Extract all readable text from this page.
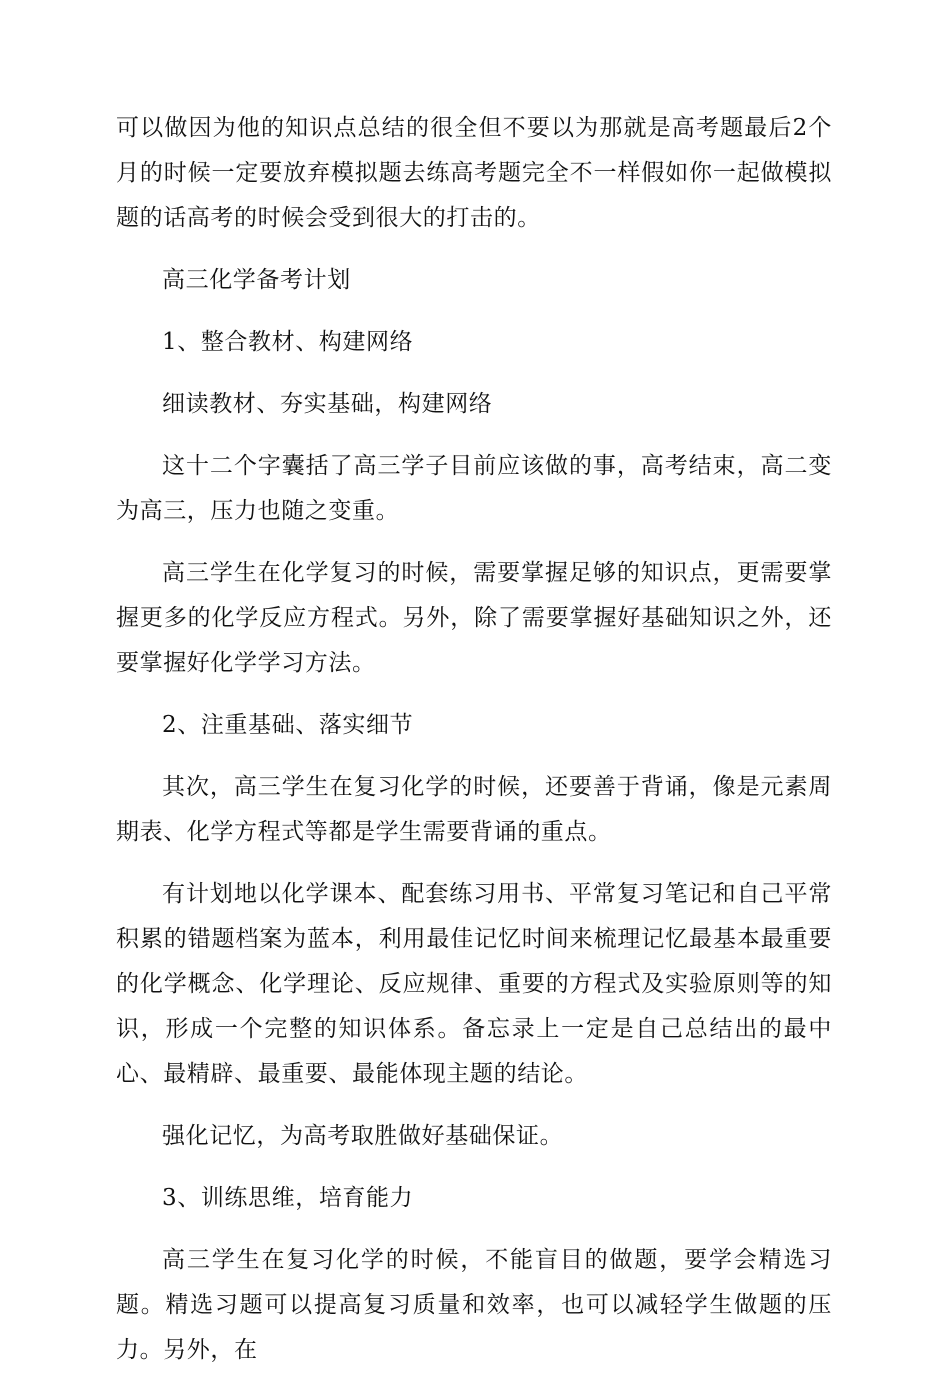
可以做因为他的知识点总结的很全但不要以为那就是高考题最后2个月的时候一定要放弃模拟题去练高考题完全不一样假如你一起做模拟题的话高考的时候会受到很大的打击的。

高三化学备考计划

1、整合教材、构建网络

细读教材、夯实基础，构建网络

这十二个字囊括了高三学子目前应该做的事，高考结束，高二变为高三，压力也随之变重。

高三学生在化学复习的时候，需要掌握足够的知识点，更需要掌握更多的化学反应方程式。另外，除了需要掌握好基础知识之外，还要掌握好化学学习方法。

2、注重基础、落实细节

其次，高三学生在复习化学的时候，还要善于背诵，像是元素周期表、化学方程式等都是学生需要背诵的重点。

有计划地以化学课本、配套练习用书、平常复习笔记和自己平常积累的错题档案为蓝本，利用最佳记忆时间来梳理记忆最基本最重要的化学概念、化学理论、反应规律、重要的方程式及实验原则等的知识，形成一个完整的知识体系。备忘录上一定是自己总结出的最中心、最精辟、最重要、最能体现主题的结论。

强化记忆，为高考取胜做好基础保证。

3、训练思维，培育能力

高三学生在复习化学的时候，不能盲目的做题，要学会精选习题。精选习题可以提高复习质量和效率，也可以减轻学生做题的压力。另外，在
